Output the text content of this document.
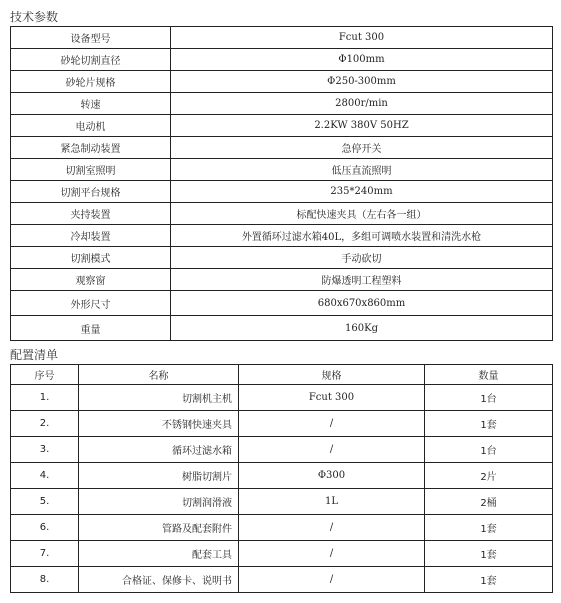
技术参数
设备型号	Fcut 300
砂轮切割直径	Φ100mm
砂轮片规格	Φ250-300mm
转速	2800r/min
电动机	2.2KW 380V 50HZ
紧急制动装置	急停开关
切割室照明	低压直流照明
切割平台规格	235*240mm
夹持装置	标配快速夹具（左右各一组）
冷却装置	外置循环过滤水箱40L，多组可调喷水装置和清洗水枪
切割模式	手动砍切
观察窗	防爆透明工程塑料
外形尺寸	680x670x860mm
重量	160Kg
配置清单
序号	名称	规格	数量
1.	切割机主机	Fcut 300	1台
2.	不锈钢快速夹具	/	1套
3.	循环过滤水箱	/	1台
4.	树脂切割片	Φ300	2片
5.	切割润滑液	1L	2桶
6.	管路及配套附件	/	1套
7.	配套工具	/	1套
8.	合格证、保修卡、说明书	/	1套
